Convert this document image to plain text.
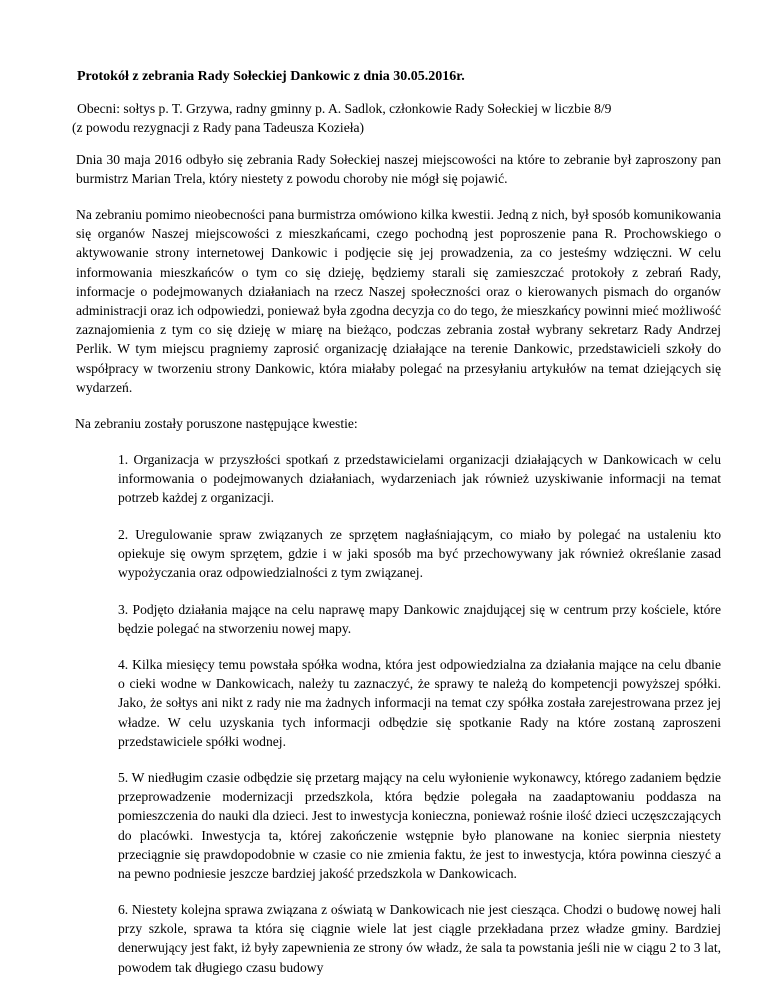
Protokół z zebrania Rady Sołeckiej Dankowic z dnia 30.05.2016r.
Obecni: sołtys p. T. Grzywa, radny gminny p. A. Sadlok, członkowie Rady Sołeckiej w liczbie 8/9
(z powodu rezygnacji z Rady pana Tadeusza Kozieła)

Dnia 30 maja 2016 odbyło się zebrania Rady Sołeckiej naszej miejscowości na które to zebranie był zaproszony pan burmistrz Marian Trela, który niestety z powodu choroby nie mógł się pojawić.

Na zebraniu pomimo nieobecności pana burmistrza omówiono kilka kwestii. Jedną z nich, był sposób komunikowania się organów Naszej miejscowości z mieszkańcami, czego pochodną jest poproszenie pana R. Prochowskiego o aktywowanie strony internetowej Dankowic i podjęcie się jej prowadzenia, za co jesteśmy wdzięczni. W celu informowania mieszkańców o tym co się dzieję, będziemy starali się zamieszczać protokoły z zebrań Rady, informacje o podejmowanych działaniach na rzecz Naszej społeczności oraz o kierowanych pismach do organów administracji oraz ich odpowiedzi, ponieważ była zgodna decyzja co do tego, że mieszkańcy powinni mieć możliwość zaznajomienia z tym co się dzieję w miarę na bieżąco, podczas zebrania został wybrany sekretarz Rady Andrzej Perlik. W tym miejscu pragniemy zaprosić organizację działające na terenie Dankowic, przedstawicieli szkoły do współpracy w tworzeniu strony Dankowic, która miałaby polegać na przesyłaniu artykułów na temat dziejących się wydarzeń.

Na zebraniu zostały poruszone następujące kwestie:

1. Organizacja w przyszłości spotkań z przedstawicielami organizacji działających w Dankowicach w celu informowania o podejmowanych działaniach, wydarzeniach jak również uzyskiwanie informacji na temat potrzeb każdej z organizacji.

2. Uregulowanie spraw związanych ze sprzętem nagłaśniającym, co miało by polegać na ustaleniu kto opiekuje się owym sprzętem, gdzie i w jaki sposób ma być przechowywany jak również określanie zasad wypożyczania oraz odpowiedzialności z tym związanej.

3. Podjęto działania mające na celu naprawę mapy Dankowic znajdującej się w centrum przy kościele, które będzie polegać na stworzeniu nowej mapy.

4. Kilka miesięcy temu powstała spółka wodna, która jest odpowiedzialna za działania mające na celu dbanie o cieki wodne w Dankowicach, należy tu zaznaczyć, że sprawy te należą do kompetencji powyższej spółki. Jako, że sołtys ani nikt z rady nie ma żadnych informacji na temat czy spółka została zarejestrowana przez jej władze. W celu uzyskania tych informacji odbędzie się spotkanie Rady na które zostaną zaproszeni przedstawiciele spółki wodnej.

5. W niedługim czasie odbędzie się przetarg mający na celu wyłonienie wykonawcy, którego zadaniem będzie przeprowadzenie modernizacji przedszkola, która będzie polegała na zaadaptowaniu poddasza na pomieszczenia do nauki dla dzieci. Jest to inwestycja konieczna, ponieważ rośnie ilość dzieci uczęszczających do placówki. Inwestycja ta, której zakończenie wstępnie było planowane na koniec sierpnia niestety przeciągnie się prawdopodobnie w czasie co nie zmienia faktu, że jest to inwestycja, która powinna cieszyć a na pewno podniesie jeszcze bardziej jakość przedszkola w Dankowicach.

6. Niestety kolejna sprawa związana z oświatą w Dankowicach nie jest ciesząca. Chodzi o budowę nowej hali przy szkole, sprawa ta która się ciągnie wiele lat jest ciągle przekładana przez władze gminy. Bardziej denerwujący jest fakt, iż były zapewnienia ze strony ów władz, że sala ta powstania jeśli nie w ciągu 2 to 3 lat, powodem tak długiego czasu budowy
